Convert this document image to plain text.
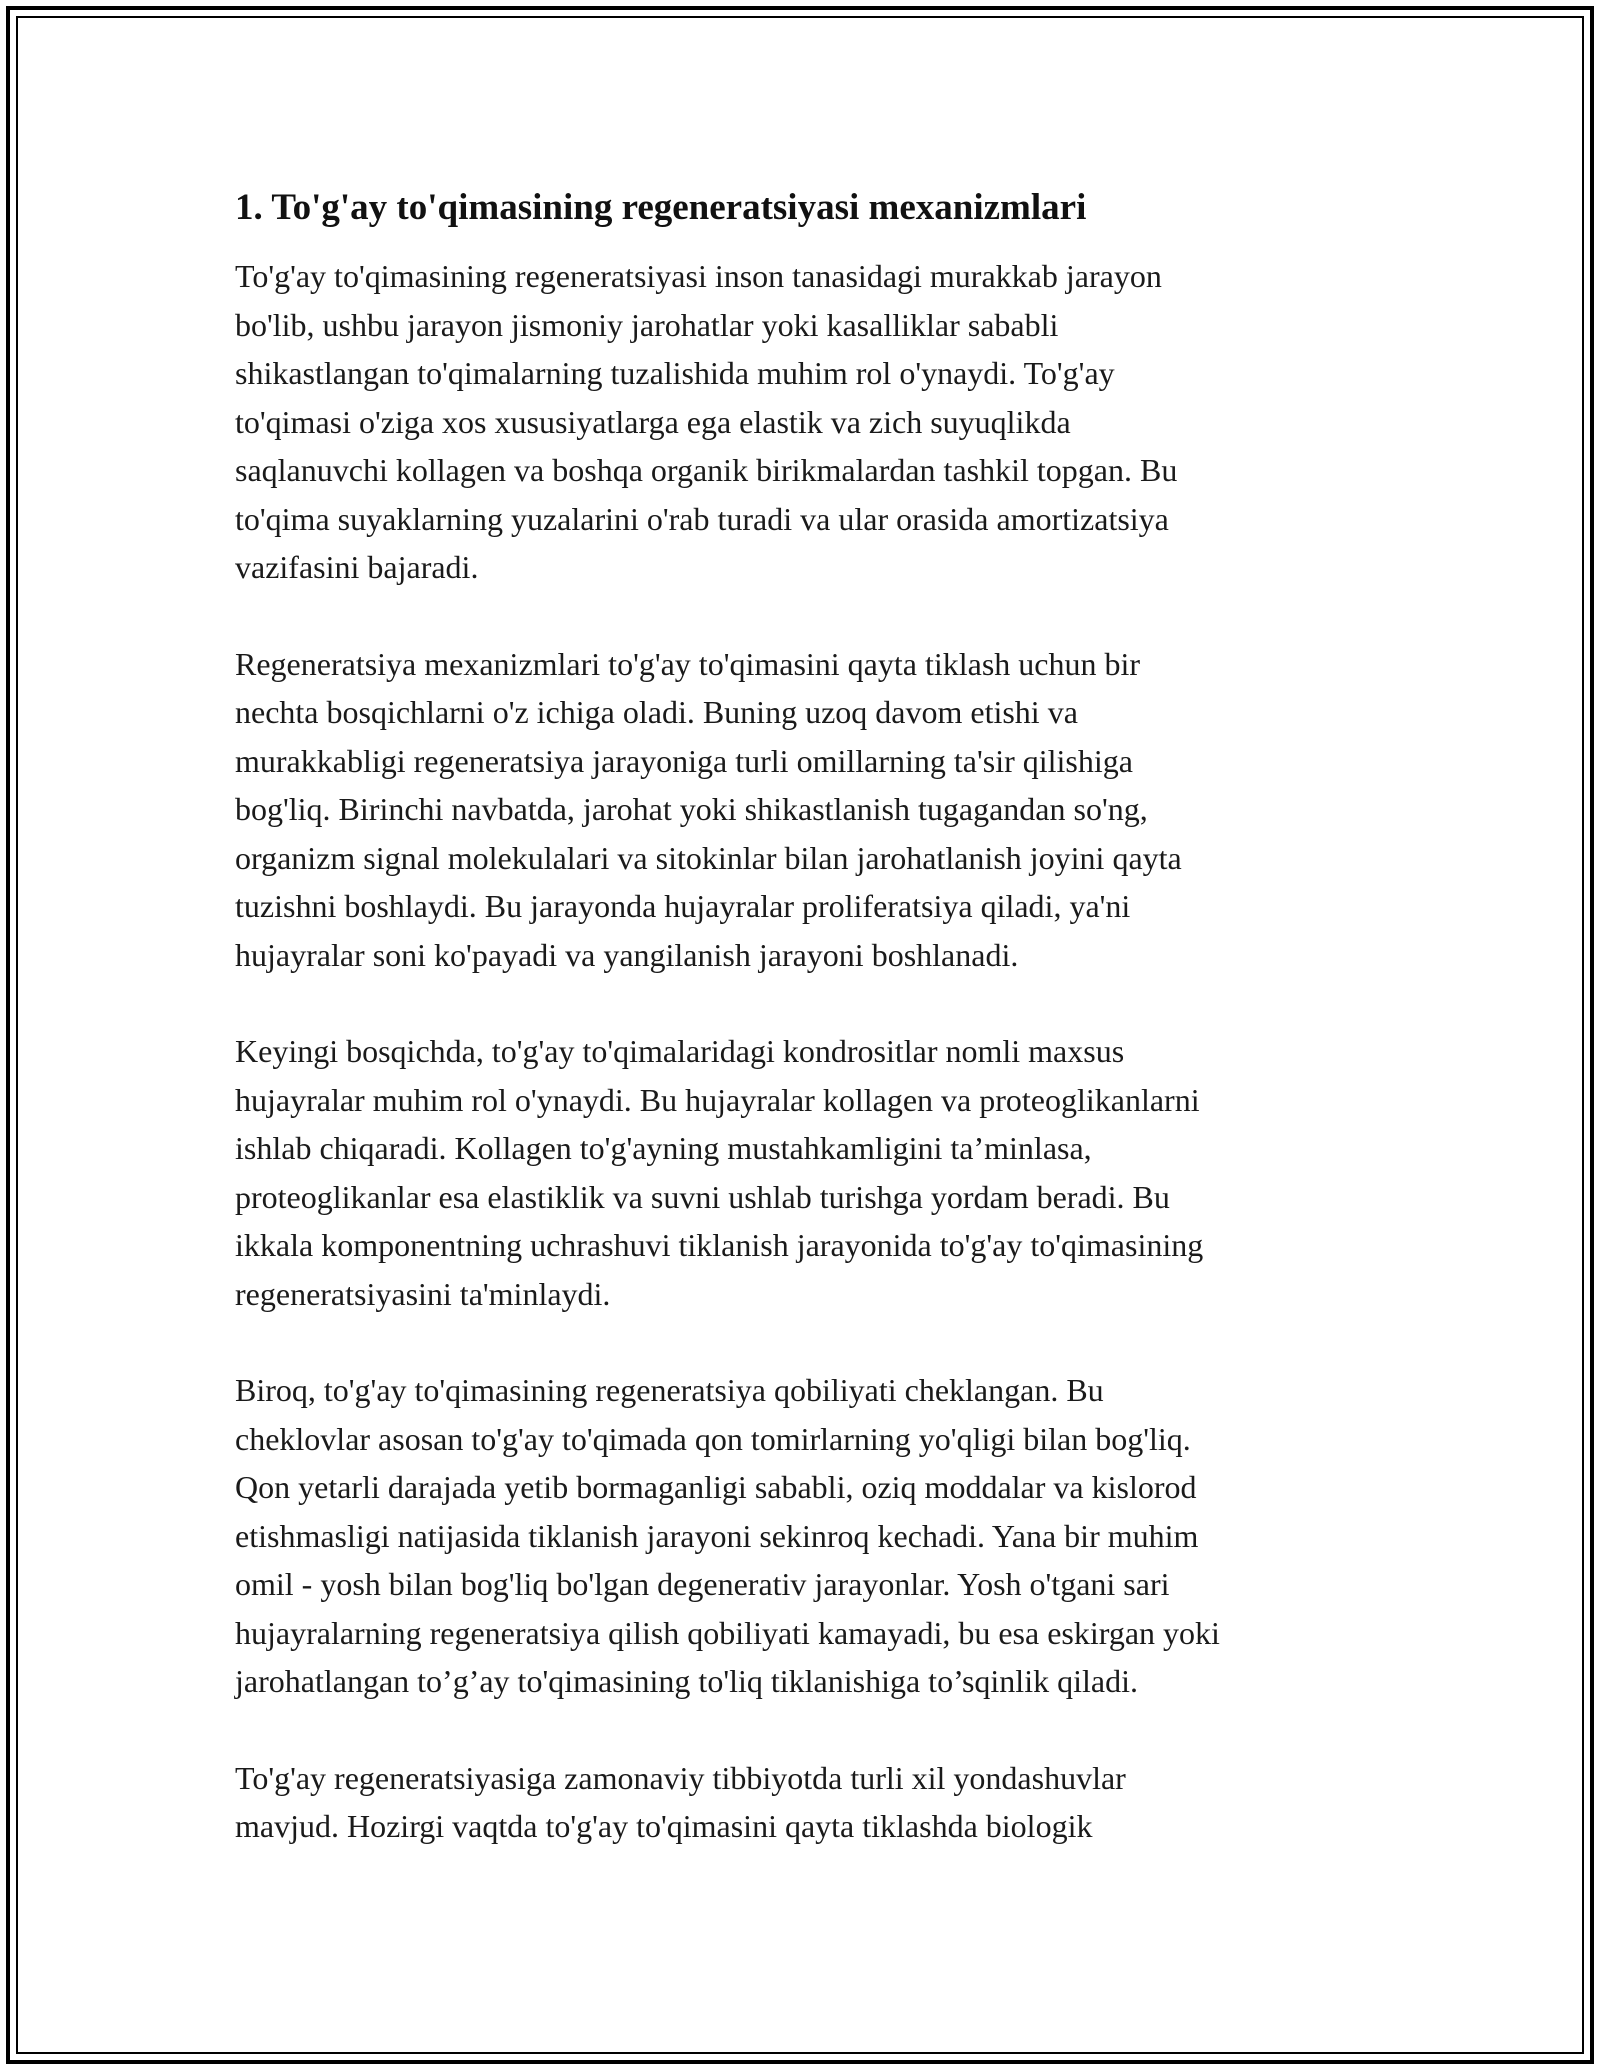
1. To'g'ay to'qimasining regeneratsiyasi mexanizmlari

To'g'ay to'qimasining regeneratsiyasi inson tanasidagi murakkab jarayon
bo'lib, ushbu jarayon jismoniy jarohatlar yoki kasalliklar sababli
shikastlangan to'qimalarning tuzalishida muhim rol o'ynaydi. To'g'ay
to'qimasi o'ziga xos xususiyatlarga ega elastik va zich suyuqlikda
saqlanuvchi kollagen va boshqa organik birikmalardan tashkil topgan. Bu
to'qima suyaklarning yuzalarini o'rab turadi va ular orasida amortizatsiya
vazifasini bajaradi.

Regeneratsiya mexanizmlari to'g'ay to'qimasini qayta tiklash uchun bir
nechta bosqichlarni o'z ichiga oladi. Buning uzoq davom etishi va
murakkabligi regeneratsiya jarayoniga turli omillarning ta'sir qilishiga
bog'liq. Birinchi navbatda, jarohat yoki shikastlanish tugagandan so'ng,
organizm signal molekulalari va sitokinlar bilan jarohatlanish joyini qayta
tuzishni boshlaydi. Bu jarayonda hujayralar proliferatsiya qiladi, ya'ni
hujayralar soni ko'payadi va yangilanish jarayoni boshlanadi.

Keyingi bosqichda, to'g'ay to'qimalaridagi kondrositlar nomli maxsus
hujayralar muhim rol o'ynaydi. Bu hujayralar kollagen va proteoglikanlarni
ishlab chiqaradi. Kollagen to'g'ayning mustahkamligini ta’minlasa,
proteoglikanlar esa elastiklik va suvni ushlab turishga yordam beradi. Bu
ikkala komponentning uchrashuvi tiklanish jarayonida to'g'ay to'qimasining
regeneratsiyasini ta'minlaydi.

Biroq, to'g'ay to'qimasining regeneratsiya qobiliyati cheklangan. Bu
cheklovlar asosan to'g'ay to'qimada qon tomirlarning yo'qligi bilan bog'liq.
Qon yetarli darajada yetib bormaganligi sababli, oziq moddalar va kislorod
etishmasligi natijasida tiklanish jarayoni sekinroq kechadi. Yana bir muhim
omil - yosh bilan bog'liq bo'lgan degenerativ jarayonlar. Yosh o'tgani sari
hujayralarning regeneratsiya qilish qobiliyati kamayadi, bu esa eskirgan yoki
jarohatlangan to’g’ay to'qimasining to'liq tiklanishiga to’sqinlik qiladi.

To'g'ay regeneratsiyasiga zamonaviy tibbiyotda turli xil yondashuvlar
mavjud. Hozirgi vaqtda to'g'ay to'qimasini qayta tiklashda biologik
